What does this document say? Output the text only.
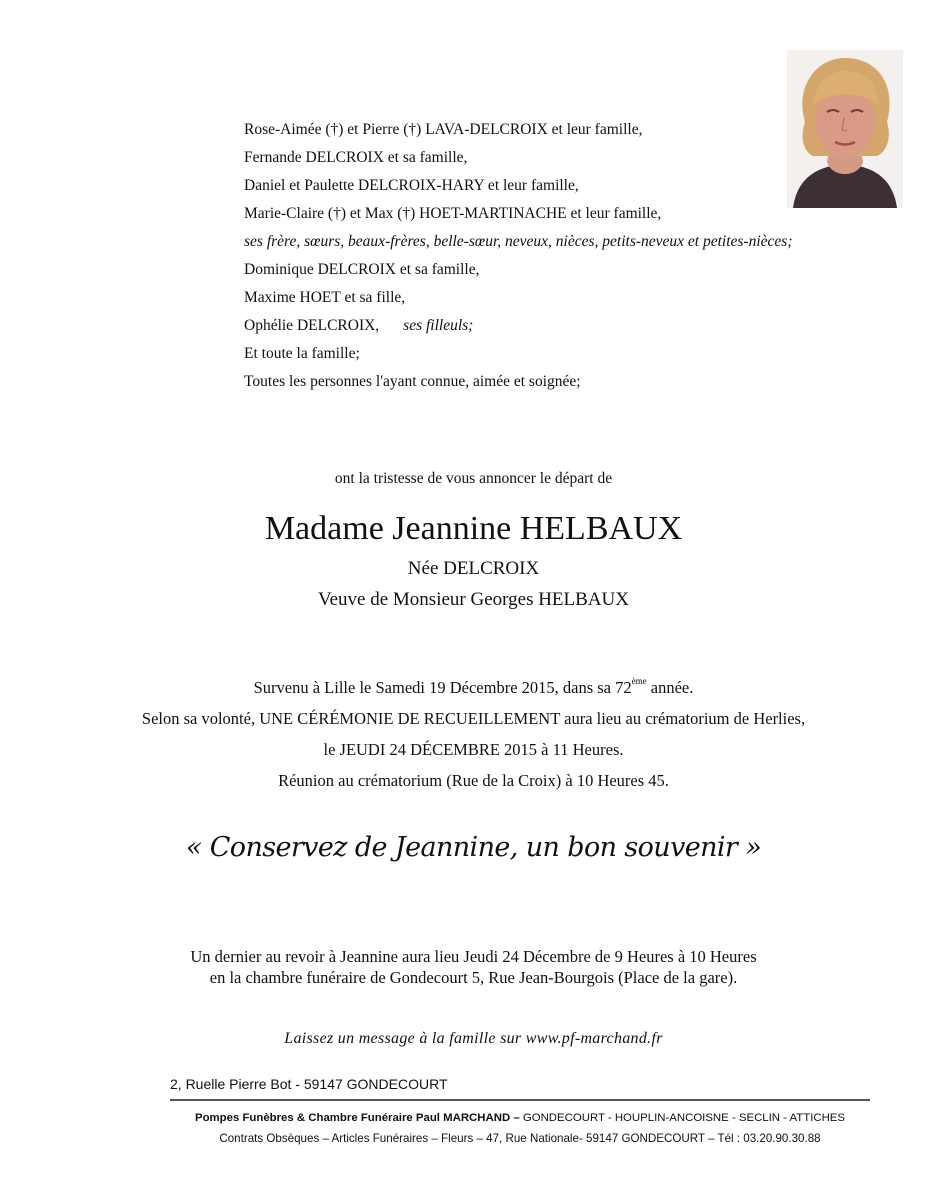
Rose-Aimée (†) et Pierre (†) LAVA-DELCROIX et leur famille,
Fernande DELCROIX et sa famille,
Daniel et Paulette DELCROIX-HARY et leur famille,
Marie-Claire (†) et Max (†) HOET-MARTINACHE et leur famille,
ses frère, sœurs, beaux-frères, belle-sœur, neveux, nièces, petits-neveux et petites-nièces;
Dominique DELCROIX et sa famille,
Maxime HOET et sa fille,
Ophélie DELCROIX, ses filleuls;
Et toute la famille;
Toutes les personnes l'ayant connue, aimée et soignée;
ont la tristesse de vous annoncer le départ de
Madame Jeannine HELBAUX
Née DELCROIX
Veuve de Monsieur Georges HELBAUX
Survenu à Lille le Samedi 19 Décembre 2015, dans sa 72ème année.
Selon sa volonté, UNE CÉRÉMONIE DE RECUEILLEMENT aura lieu au crématorium de Herlies,
le JEUDI 24 DÉCEMBRE 2015 à 11 Heures.
Réunion au crématorium (Rue de la Croix) à 10 Heures 45.
« Conservez de Jeannine, un bon souvenir »
Un dernier au revoir à Jeannine aura lieu Jeudi 24 Décembre de 9 Heures à 10 Heures
en la chambre funéraire de Gondecourt 5, Rue Jean-Bourgois (Place de la gare).
Laissez un message à la famille sur www.pf-marchand.fr
2, Ruelle Pierre Bot - 59147 GONDECOURT
Pompes Funèbres & Chambre Funéraire Paul MARCHAND – GONDECOURT - HOUPLIN-ANCOISNE - SECLIN - ATTICHES
Contrats Obsèques – Articles Funéraires – Fleurs – 47, Rue Nationale- 59147 GONDECOURT – Tél : 03.20.90.30.88
